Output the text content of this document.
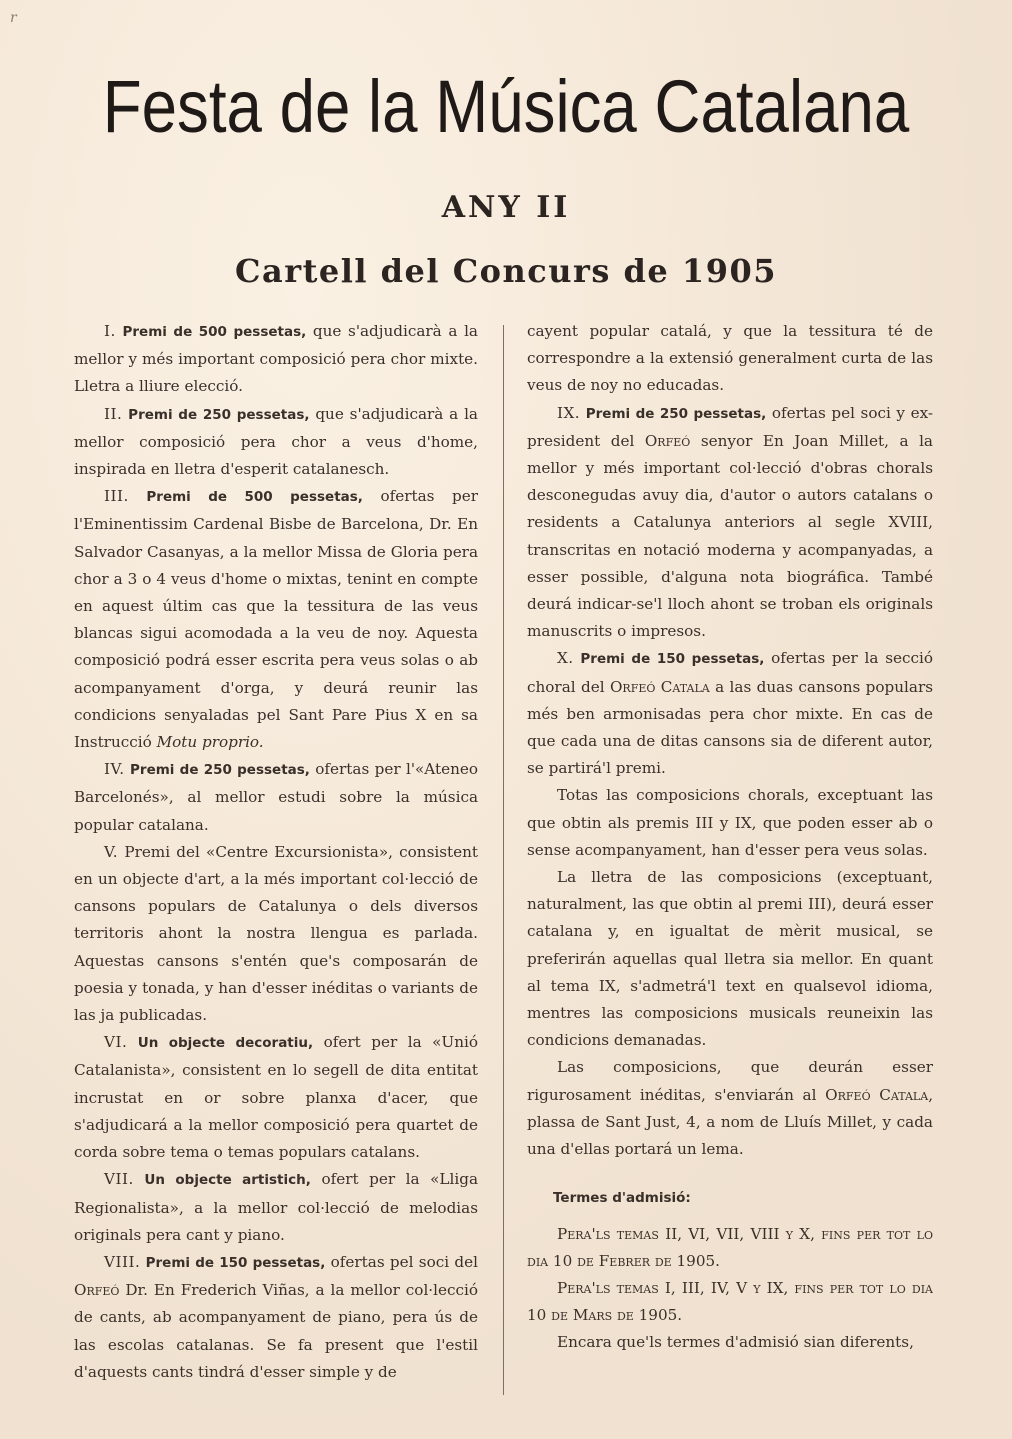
r
Festa de la Música Catalana
ANY II
Cartell del Concurs de 1905

I. Premi de 500 pessetas, que s'adjudicarà a la mellor y més important composició pera chor mixte. Lletra a lliure elecció.

II. Premi de 250 pessetas, que s'adjudicarà a la mellor composició pera chor a veus d'home, inspirada en lletra d'esperit catalanesch.

III. Premi de 500 pessetas, ofertas per l'Eminentissim Cardenal Bisbe de Barcelona, Dr. En Salvador Casanyas, a la mellor Missa de Gloria pera chor a 3 o 4 veus d'home o mixtas, tenint en compte en aquest últim cas que la tessitura de las veus blancas sigui acomodada a la veu de noy. Aquesta composició podrá esser escrita pera veus solas o ab acompanyament d'orga, y deurá reunir las condicions senyaladas pel Sant Pare Pius X en sa Instrucció Motu proprio.

IV. Premi de 250 pessetas, ofertas per l'«Ateneo Barcelonés», al mellor estudi sobre la música popular catalana.

V. Premi del «Centre Excursionista», consistent en un objecte d'art, a la més important col·lecció de cansons populars de Catalunya o dels diversos territoris ahont la nostra llengua es parlada. Aquestas cansons s'entén que's composarán de poesia y tonada, y han d'esser inéditas o variants de las ja publicadas.

VI. Un objecte decoratiu, ofert per la «Unió Catalanista», consistent en lo segell de dita entitat incrustat en or sobre planxa d'acer, que s'adjudicará a la mellor composició pera quartet de corda sobre tema o temas populars catalans.

VII. Un objecte artistich, ofert per la «Lliga Regionalista», a la mellor col·lecció de melodias originals pera cant y piano.

VIII. Premi de 150 pessetas, ofertas pel soci del Orfeó Dr. En Frederich Viñas, a la mellor col·lecció de cants, ab acompanyament de piano, pera ús de las escolas catalanas. Se fa present que l'estil d'aquests cants tindrá d'esser simple y de

cayent popular catalá, y que la tessitura té de correspondre a la extensió generalment curta de las veus de noy no educadas.

IX. Premi de 250 pessetas, ofertas pel soci y ex-president del Orfeó senyor En Joan Millet, a la mellor y més important col·lecció d'obras chorals desconegudas avuy dia, d'autor o autors catalans o residents a Catalunya anteriors al segle XVIII, transcritas en notació moderna y acompanyadas, a esser possible, d'alguna nota biográfica. També deurá indicar-se'l lloch ahont se troban els originals manuscrits o impresos.

X. Premi de 150 pessetas, ofertas per la secció choral del Orfeó Catala a las duas cansons populars més ben armonisadas pera chor mixte. En cas de que cada una de ditas cansons sia de diferent autor, se partirá'l premi.

Totas las composicions chorals, exceptuant las que obtin als premis III y IX, que poden esser ab o sense acompanyament, han d'esser pera veus solas.

La lletra de las composicions (exceptuant, naturalment, las que obtin al premi III), deurá esser catalana y, en igualtat de mèrit musical, se preferirán aquellas qual lletra sia mellor. En quant al tema IX, s'admetrá'l text en qualsevol idioma, mentres las composicions musicals reuneixin las condicions demanadas.

Las composicions, que deurán esser rigurosament inéditas, s'enviarán al Orfeó Catala, plassa de Sant Just, 4, a nom de Lluís Millet, y cada una d'ellas portará un lema.

Termes d'admisió:

Pera'ls temas II, VI, VII, VIII y X, fins per tot lo dia 10 de Febrer de 1905.

Pera'ls temas I, III, IV, V y IX, fins per tot lo dia 10 de Mars de 1905.

Encara que'ls termes d'admisió sian diferents,
